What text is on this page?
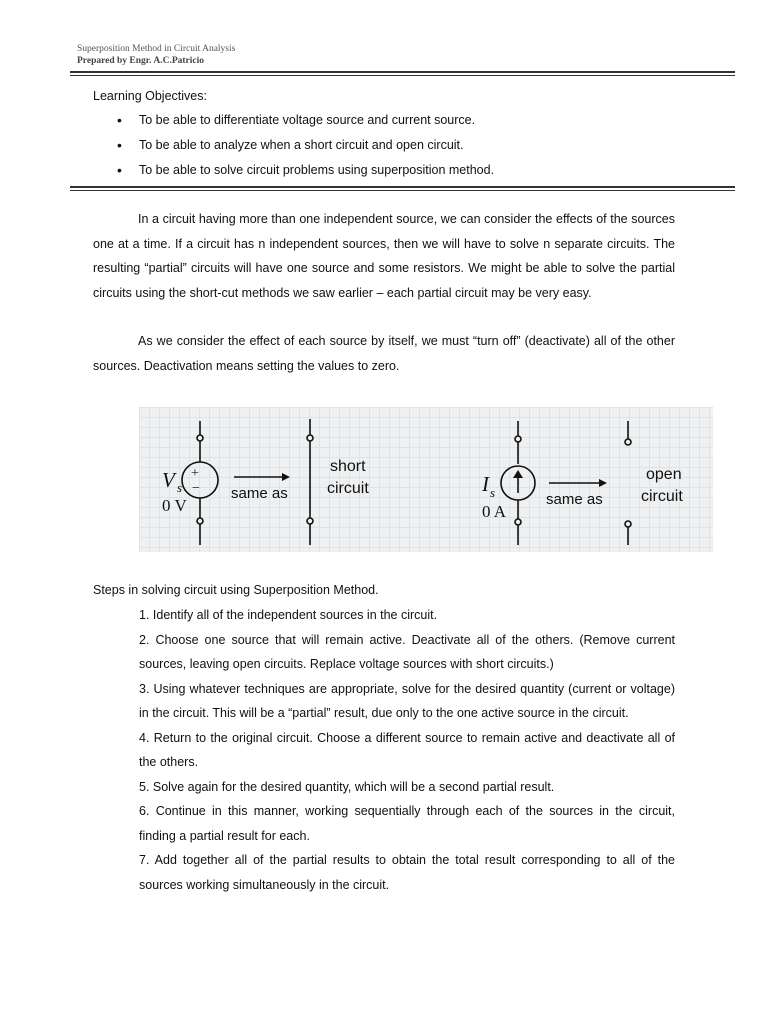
Superposition Method in Circuit Analysis
Prepared by Engr. A.C.Patricio
Learning Objectives:
• To be able to differentiate voltage source and current source.
• To be able to analyze when a short circuit and open circuit.
• To be able to solve circuit problems using superposition method.

In a circuit having more than one independent source, we can consider the effects of the sources one at a time. If a circuit has n independent sources, then we will have to solve n separate circuits. The resulting “partial” circuits will have one source and some resistors. We might be able to solve the partial circuits using the short-cut methods we saw earlier – each partial circuit may be very easy.

As we consider the effect of each source by itself, we must “turn off” (deactivate) all of the other sources. Deactivation means setting the values to zero.

+
−
V s
0 V
I s
0 A
same as
short
circuit
same as
open
circuit
Steps in solving circuit using Superposition Method.
1. Identify all of the independent sources in the circuit.
2. Choose one source that will remain active. Deactivate all of the others. (Remove current sources, leaving open circuits. Replace voltage sources with short circuits.)
3. Using whatever techniques are appropriate, solve for the desired quantity (current or voltage) in the circuit. This will be a “partial” result, due only to the one active source in the circuit.
4. Return to the original circuit. Choose a different source to remain active and deactivate all of the others.
5. Solve again for the desired quantity, which will be a second partial result.
6. Continue in this manner, working sequentially through each of the sources in the circuit, finding a partial result for each.
7. Add together all of the partial results to obtain the total result corresponding to all of the sources working simultaneously in the circuit.
